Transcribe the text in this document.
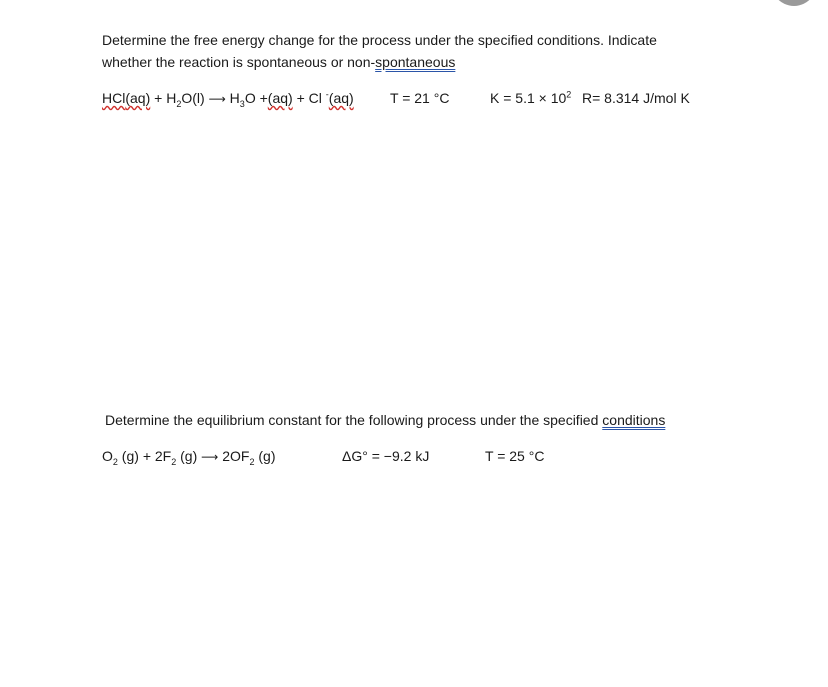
Determine the free energy change for the process under the specified conditions. Indicate
whether the reaction is spontaneous or non-spontaneous
$HCl(aq) + H_2O(l)$ ⟶ $H_3O +(aq) + Cl$ -(aq)	T = 21 °C	$K = 5.1 \times 10^2$ R= 8.314 J/mol K
Determine the equilibrium constant for the following process under the specified conditions
$O_2$ $(g) + 2F_2$ (g) ⟶ $2OF_2$ (g)	ΔG° = −9.2 kJ	T = 25 °C
